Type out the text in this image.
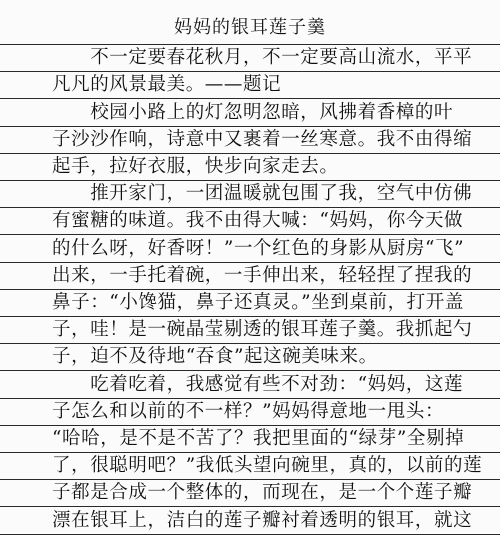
妈妈的银耳莲子羹
　　不一定要春花秋月，不一定要高山流水，平平
凡凡的风景最美。——题记
　　校园小路上的灯忽明忽暗，风拂着香樟的叶
子沙沙作响，诗意中又裹着一丝寒意。我不由得缩
起手，拉好衣服，快步向家走去。
　　推开家门，一团温暖就包围了我，空气中仿佛
有蜜糖的味道。我不由得大喊：“妈妈，你今天做
的什么呀，好香呀！”一个红色的身影从厨房“飞”
出来，一手托着碗，一手伸出来，轻轻捏了捏我的
鼻子：“小馋猫，鼻子还真灵。”坐到桌前，打开盖
子，哇！是一碗晶莹剔透的银耳莲子羹。我抓起勺
子，迫不及待地“吞食”起这碗美味来。
　　吃着吃着，我感觉有些不对劲：“妈妈，这莲
子怎么和以前的不一样？”妈妈得意地一甩头：
“哈哈，是不是不苦了？我把里面的“绿芽”全剔掉
了，很聪明吧？”我低头望向碗里，真的，以前的莲
子都是合成一个整体的，而现在，是一个个莲子瓣
漂在银耳上，洁白的莲子瓣衬着透明的银耳，就这
